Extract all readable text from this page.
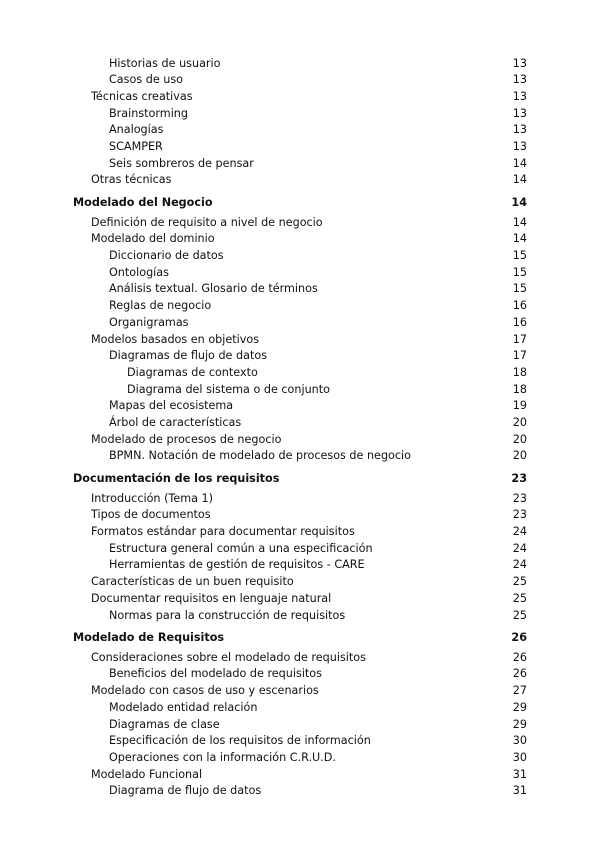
Historias de usuario	13
Casos de uso	13
Técnicas creativas	13
Brainstorming	13
Analogías	13
SCAMPER	13
Seis sombreros de pensar	14
Otras técnicas	14
Modelado del Negocio	14
Definición de requisito a nivel de negocio	14
Modelado del dominio	14
Diccionario de datos	15
Ontologías	15
Análisis textual. Glosario de términos	15
Reglas de negocio	16
Organigramas	16
Modelos basados en objetivos	17
Diagramas de flujo de datos	17
Diagramas de contexto	18
Diagrama del sistema o de conjunto	18
Mapas del ecosistema	19
Árbol de características	20
Modelado de procesos de negocio	20
BPMN. Notación de modelado de procesos de negocio	20
Documentación de los requisitos	23
Introducción (Tema 1)	23
Tipos de documentos	23
Formatos estándar para documentar requisitos	24
Estructura general común a una especificación	24
Herramientas de gestión de requisitos - CARE	24
Características de un buen requisito	25
Documentar requisitos en lenguaje natural	25
Normas para la construcción de requisitos	25
Modelado de Requisitos	26
Consideraciones sobre el modelado de requisitos	26
Beneficios del modelado de requisitos	26
Modelado con casos de uso y escenarios	27
Modelado entidad relación	29
Diagramas de clase	29
Especificación de los requisitos de información	30
Operaciones con la información C.R.U.D.	30
Modelado Funcional	31
Diagrama de flujo de datos	31
